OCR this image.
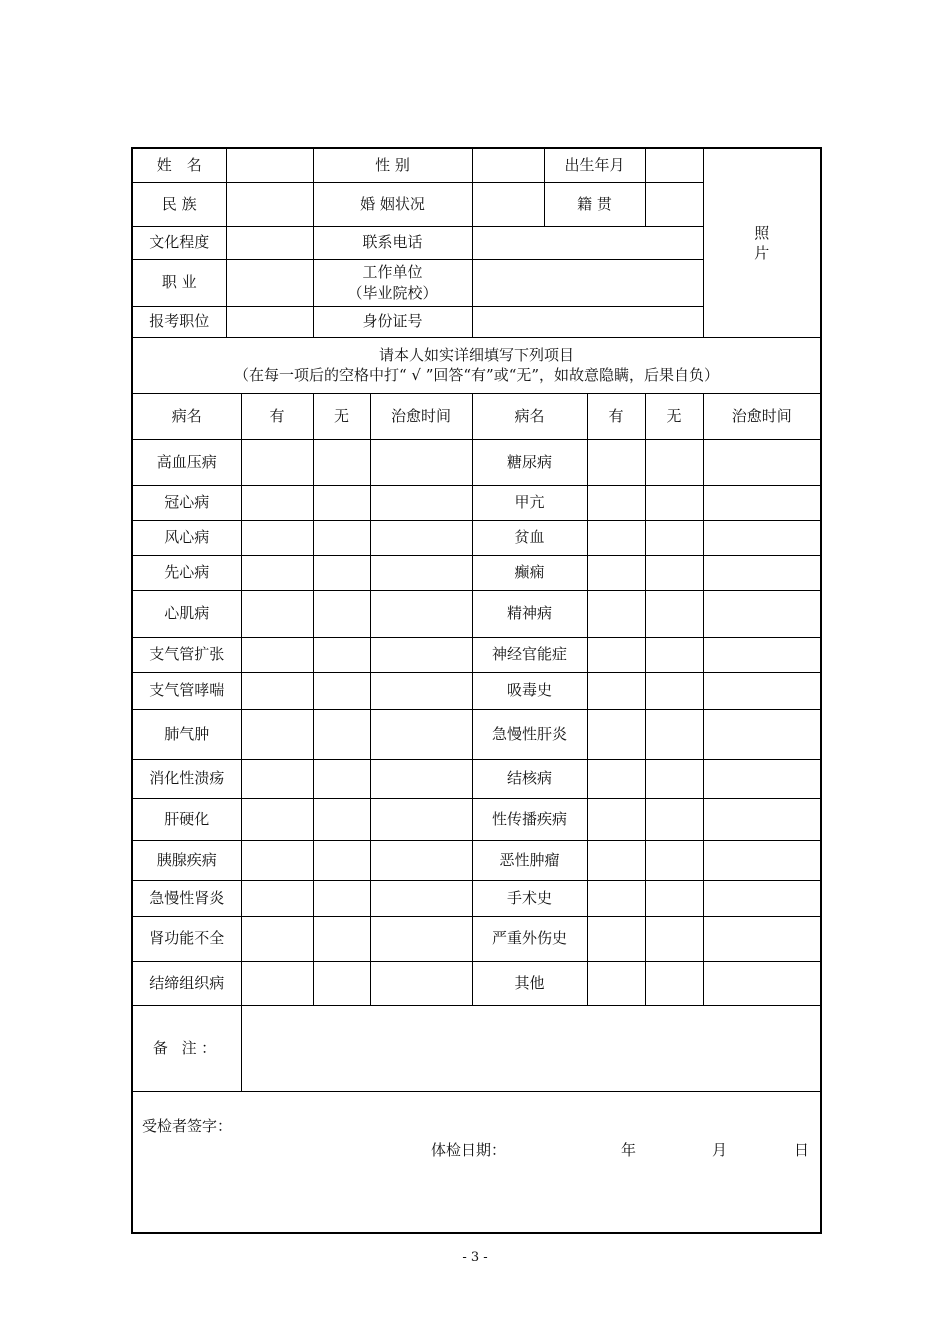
姓　名			性 别			出生年月			照
片

民 族			婚 姻状况			籍 贯			
文化程度			联系电话						
职 业			工作单位
（毕业院校）						

报考职位			身份证号						

请本人如实详细填写下列项目
（在每一项后的空格中打“ √ ”回答“有”或“无”，如故意隐瞒，后果自负）									

病名		有	无	治愈时间	病名		有	无	治愈时间
高血压病					糖尿病				
冠心病					甲亢				
风心病					贫血				
先心病					癫痫				
心肌病					精神病				
支气管扩张					神经官能症				
支气管哮喘					吸毒史				
肺气肿					急慢性肝炎				
消化性溃疡					结核病				
肝硬化					性传播疾病				
胰腺疾病					恶性肿瘤				
急慢性肾炎					手术史				
肾功能不全					严重外伤史				
结缔组织病					其他				
备 注：									

受检者签字：
体检日期： 年 月 日									
- 3 -
